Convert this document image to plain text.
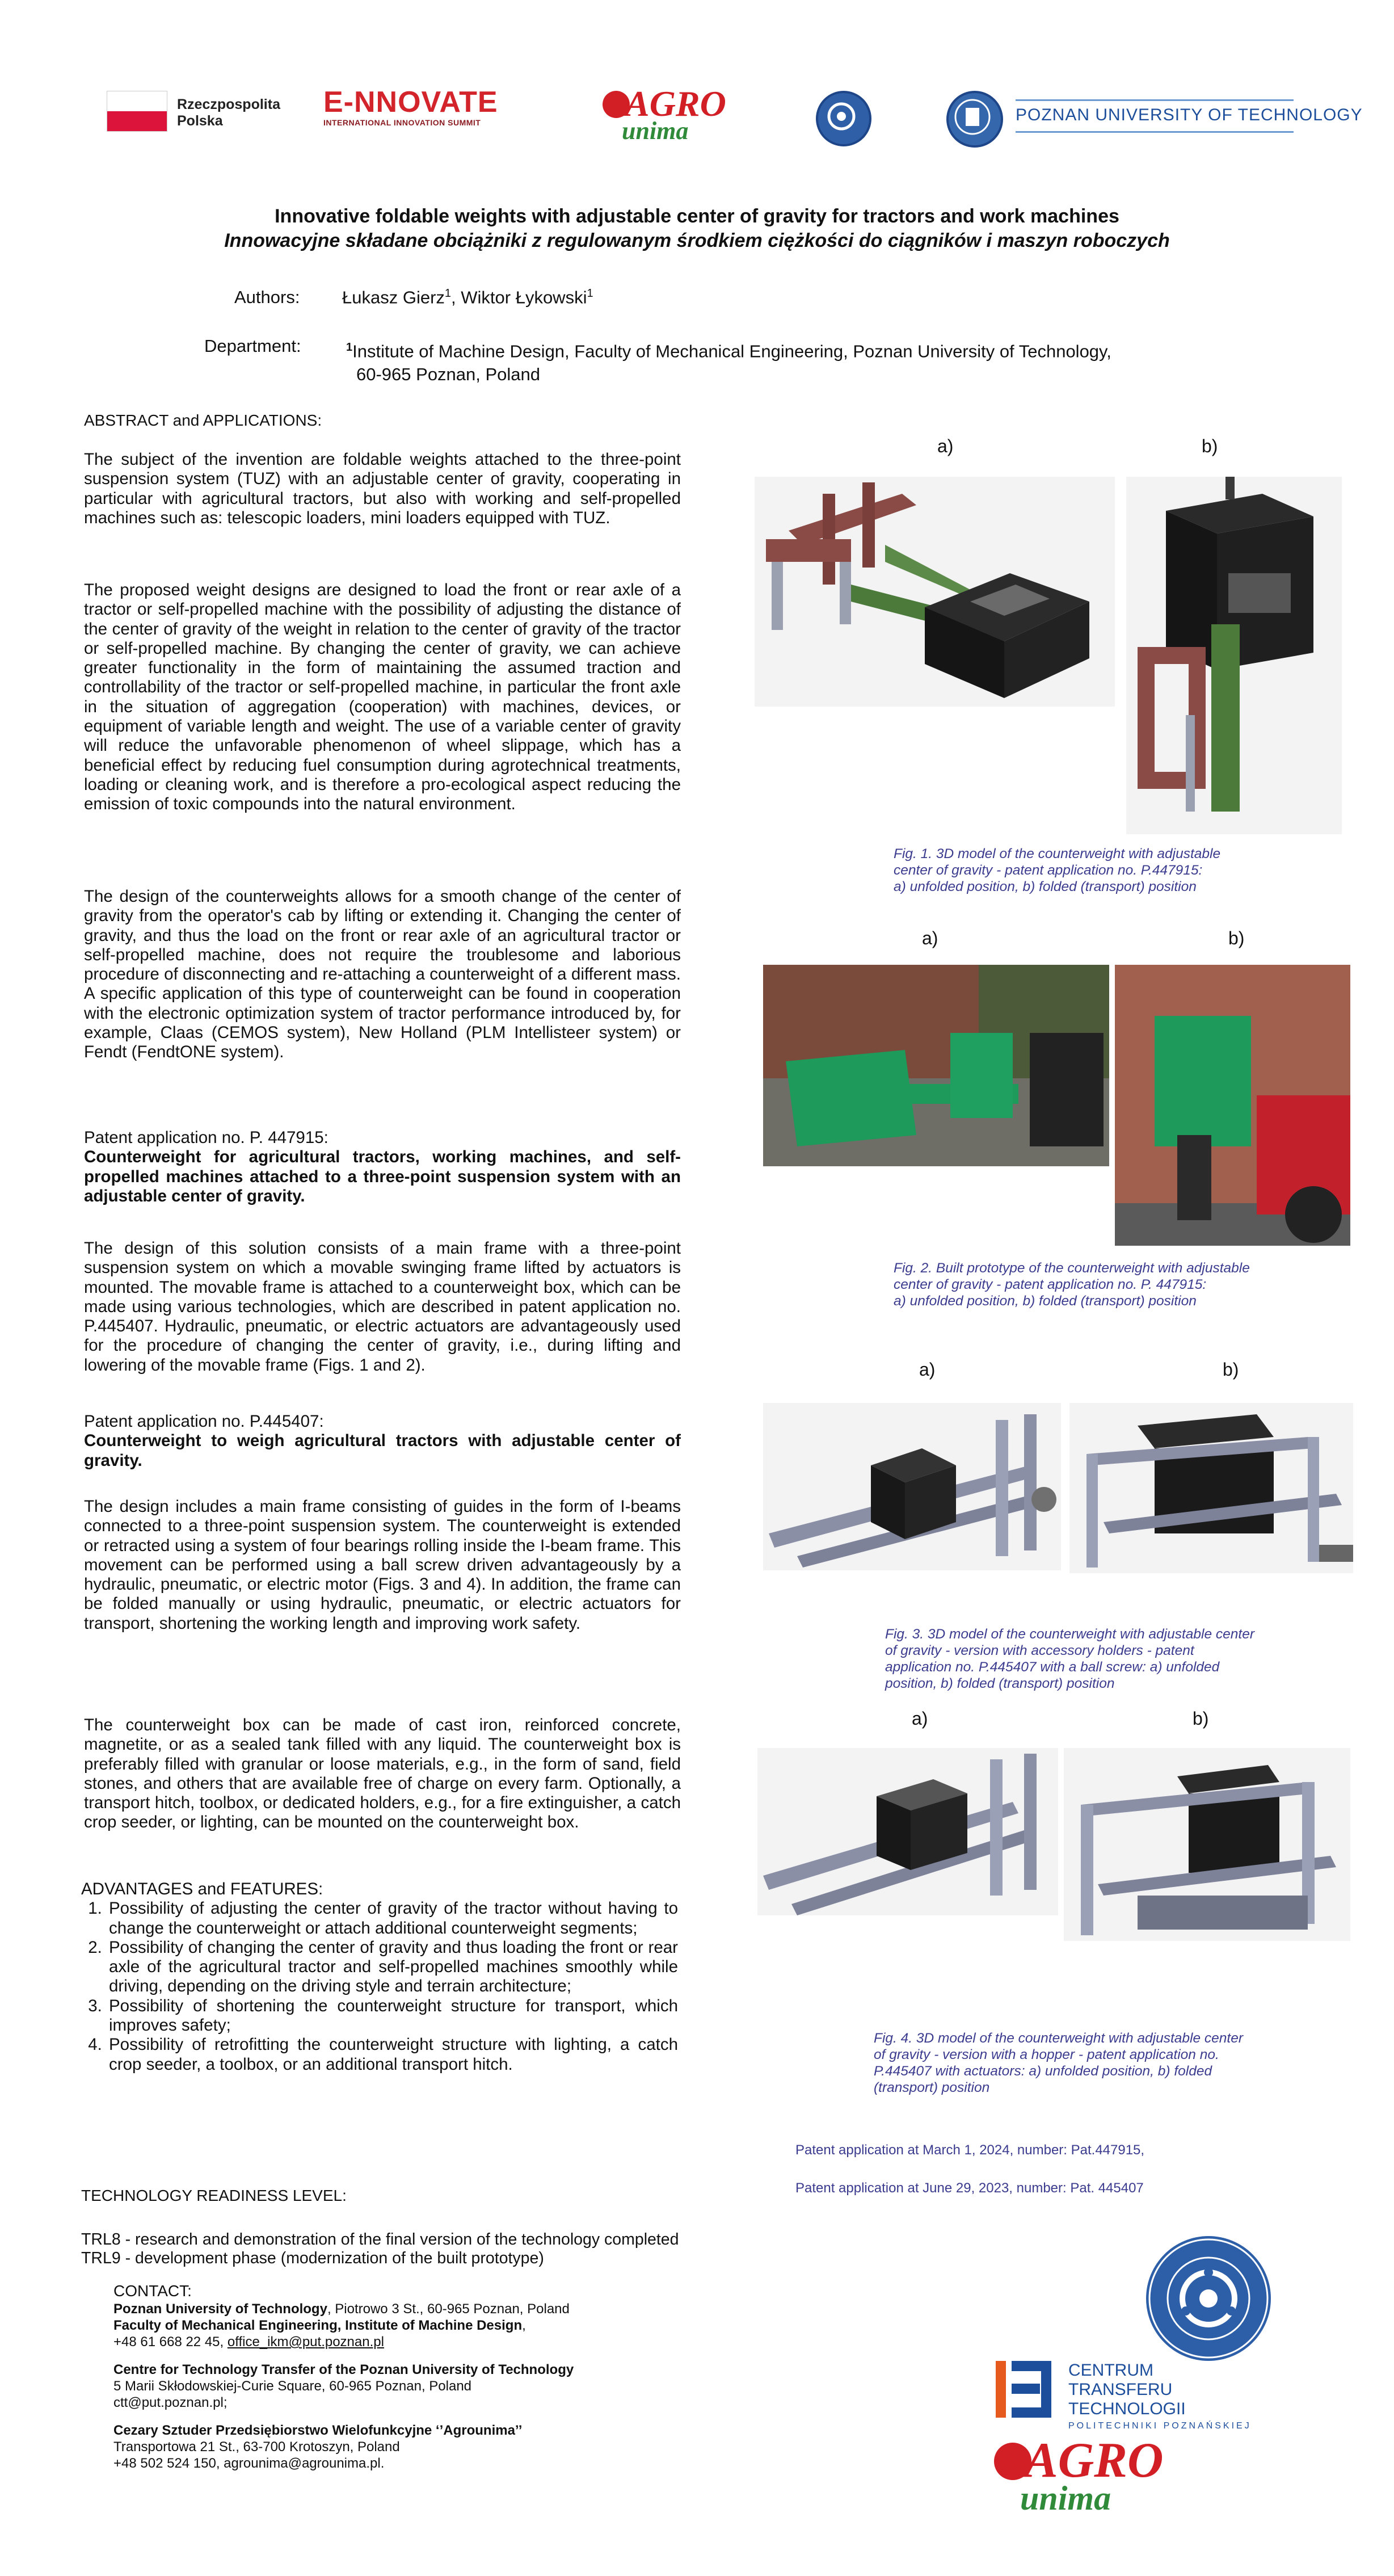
Rzeczpospolita
Polska
E-NNOVATE
INTERNATIONAL INNOVATION SUMMIT	AGRO
unima
POZNAN UNIVERSITY OF TECHNOLOGY
Innovative foldable weights with adjustable center of gravity for tractors and work machines
Innowacyjne składane obciążniki z regulowanym środkiem ciężkości do ciągników i maszyn roboczych
Authors: Łukasz Gierz$^1$, Wiktor Łykowski$^1$
Department:	$^1$Institute of Machine Design, Faculty of Mechanical Engineering, Poznan University of Technology,
60-965 Poznan, Poland
ABSTRACT and APPLICATIONS:

The subject of the invention are foldable weights attached to the three-point suspension system (TUZ) with an adjustable center of gravity, cooperating in particular with agricultural tractors, but also with working and self-propelled machines such as: telescopic loaders, mini loaders equipped with TUZ.

The proposed weight designs are designed to load the front or rear axle of a tractor or self-propelled machine with the possibility of adjusting the distance of the center of gravity of the weight in relation to the center of gravity of the tractor or self-propelled machine. By changing the center of gravity, we can achieve greater functionality in the form of maintaining the assumed traction and controllability of the tractor or self-propelled machine, in particular the front axle in the situation of aggregation (cooperation) with machines, devices, or equipment of variable length and weight. The use of a variable center of gravity will reduce the unfavorable phenomenon of wheel slippage, which has a beneficial effect by reducing fuel consumption during agrotechnical treatments, loading or cleaning work, and is therefore a pro-ecological aspect reducing the emission of toxic compounds into the natural environment.

The design of the counterweights allows for a smooth change of the center of gravity from the operator's cab by lifting or extending it. Changing the center of gravity, and thus the load on the front or rear axle of an agricultural tractor or self-propelled machine, does not require the troublesome and laborious procedure of disconnecting and re-attaching a counterweight of a different mass. A specific application of this type of counterweight can be found in cooperation with the electronic optimization system of tractor performance introduced by, for example, Claas (CEMOS system), New Holland (PLM Intellisteer system) or Fendt (FendtONE system).

Patent application no. P. 447915:

Counterweight for agricultural tractors, working machines, and self-propelled machines attached to a three-point suspension system with an adjustable center of gravity.

The design of this solution consists of a main frame with a three-point suspension system on which a movable swinging frame lifted by actuators is mounted. The movable frame is attached to a counterweight box, which can be made using various technologies, which are described in patent application no. P.445407. Hydraulic, pneumatic, or electric actuators are advantageously used for the procedure of changing the center of gravity, i.e., during lifting and lowering of the movable frame (Figs. 1 and 2).

Patent application no. P.445407:

Counterweight to weigh agricultural tractors with adjustable center of gravity.

The design includes a main frame consisting of guides in the form of I-beams connected to a three-point suspension system. The counterweight is extended or retracted using a system of four bearings rolling inside the I-beam frame. This movement can be performed using a ball screw driven advantageously by a hydraulic, pneumatic, or electric motor (Figs. 3 and 4). In addition, the frame can be folded manually or using hydraulic, pneumatic, or electric actuators for transport, shortening the working length and improving work safety.

The counterweight box can be made of cast iron, reinforced concrete, magnetite, or as a sealed tank filled with any liquid. The counterweight box is preferably filled with granular or loose materials, e.g., in the form of sand, field stones, and others that are available free of charge on every farm. Optionally, a transport hitch, toolbox, or dedicated holders, e.g., for a fire extinguisher, a catch crop seeder, or lighting, can be mounted on the counterweight box.

ADVANTAGES and FEATURES:

1. Possibility of adjusting the center of gravity of the tractor without having to change the counterweight or attach additional counterweight segments;
2. Possibility of changing the center of gravity and thus loading the front or rear axle of the agricultural tractor and self-propelled machines smoothly while driving, depending on the driving style and terrain architecture;
3. Possibility of shortening the counterweight structure for transport, which improves safety;
4. Possibility of retrofitting the counterweight structure with lighting, a catch crop seeder, a toolbox, or an additional transport hitch.
TECHNOLOGY READINESS LEVEL:
TRL8 - research and demonstration of the final version of the technology completed
TRL9 - development phase (modernization of the built prototype)
CONTACT:
Poznan University of Technology, Piotrowo 3 St., 60-965 Poznan, Poland
Faculty of Mechanical Engineering, Institute of Machine Design,
+48 61 668 22 45, office_ikm@put.poznan.pl
Centre for Technology Transfer of the Poznan University of Technology
5 Marii Skłodowskiej-Curie Square, 60-965 Poznan, Poland
ctt@put.poznan.pl;
Cezary Sztuder Przedsiębiorstwo Wielofunkcyjne ‘’Agrounima’’
Transportowa 21 St., 63-700 Krotoszyn, Poland
+48 502 524 150, agrounima@agrounima.pl.
a)	b)
Fig. 1. 3D model of the counterweight with adjustable
center of gravity - patent application no. P.447915:
a) unfolded position, b) folded (transport) position
a)	b)
Fig. 2. Built prototype of the counterweight with adjustable
center of gravity - patent application no. P. 447915:
a) unfolded position, b) folded (transport) position
a)	b)
Fig. 3. 3D model of the counterweight with adjustable center
of gravity - version with accessory holders - patent
application no. P.445407 with a ball screw: a) unfolded
position, b) folded (transport) position
a)	b)
Fig. 4. 3D model of the counterweight with adjustable center
of gravity - version with a hopper - patent application no.
P.445407 with actuators: a) unfolded position, b) folded
(transport) position
Patent application at March 1, 2024, number: Pat.447915,
Patent application at June 29, 2023, number: Pat. 445407
CENTRUM
TRANSFERU TECHNOLOGII
POLITECHNIKI POZNAŃSKIEJ
AGRO
unima
